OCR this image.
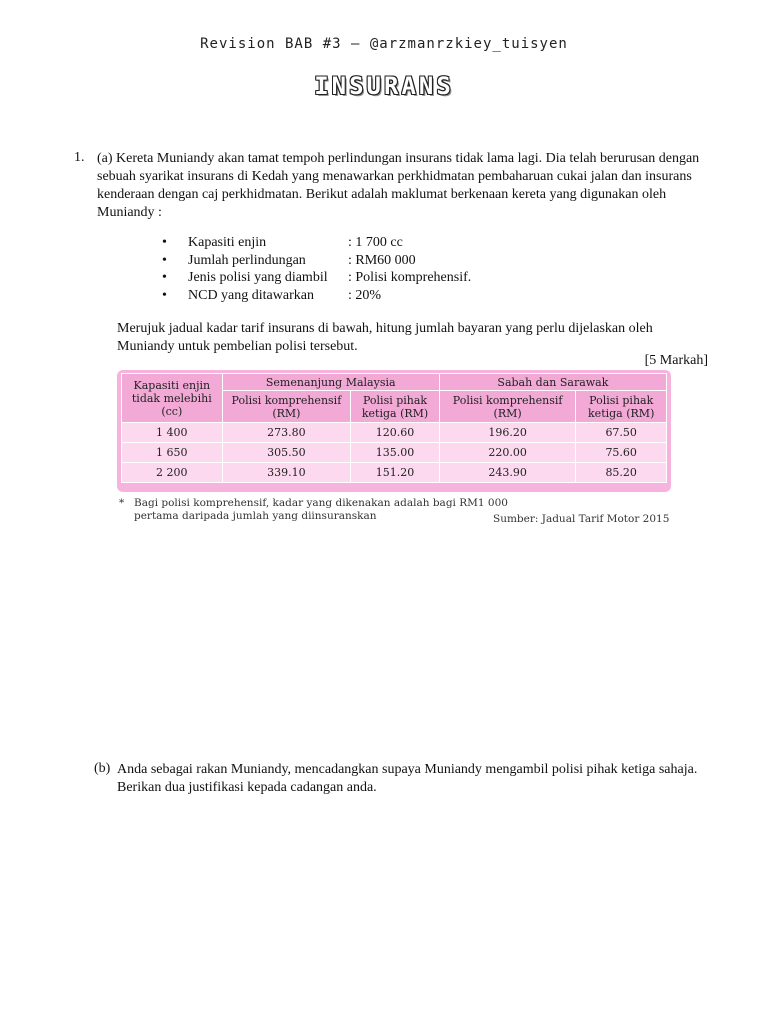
Revision BAB #3 – @arzmanrzkiey_tuisyen
INSURANS
1. (a) Kereta Muniandy akan tamat tempoh perlindungan insurans tidak lama lagi. Dia telah berurusan dengan sebuah syarikat insurans di Kedah yang menawarkan perkhidmatan pembaharuan cukai jalan dan insurans kenderaan dengan caj perkhidmatan. Berikut adalah maklumat berkenaan kereta yang digunakan oleh Muniandy :
•	Kapasiti enjin	: 1 700 cc
•	Jumlah perlindungan	: RM60 000
•	Jenis polisi yang diambil	: Polisi komprehensif.
•	NCD yang ditawarkan	: 20%
Merujuk jadual kadar tarif insurans di bawah, hitung jumlah bayaran yang perlu dijelaskan oleh Muniandy untuk pembelian polisi tersebut.
[5 Markah]
Kapasiti enjin tidak melebihi (cc)	Semenanjung Malaysia		Sabah dan Sarawak	
	Polisi komprehensif (RM)	Polisi pihak ketiga (RM)	Polisi komprehensif (RM)	Polisi pihak ketiga (RM)
1 400	273.80	120.60	196.20	67.50
1 650	305.50	135.00	220.00	75.60
2 200	339.10	151.20	243.90	85.20
* Bagi polisi komprehensif, kadar yang dikenakan adalah bagi RM1 000 pertama daripada jumlah yang diinsuranskan	Sumber: Jadual Tarif Motor 2015
(b) Anda sebagai rakan Muniandy, mencadangkan supaya Muniandy mengambil polisi pihak ketiga sahaja. Berikan dua justifikasi kepada cadangan anda.
